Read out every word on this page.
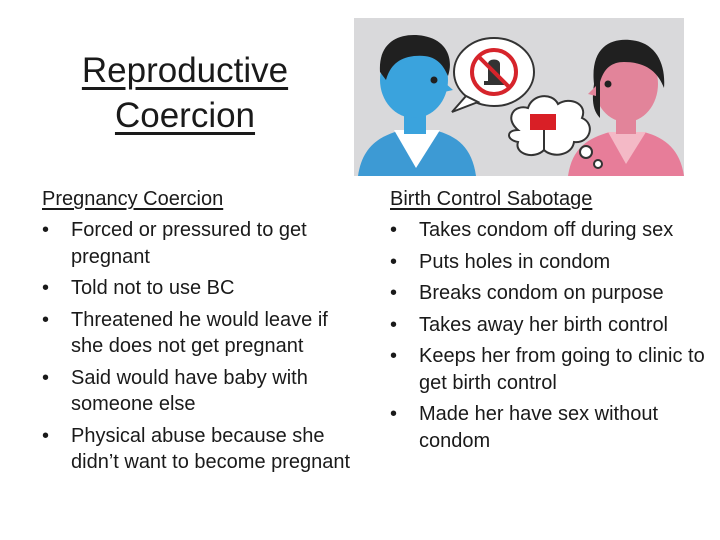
Reproductive Coercion
Pregnancy Coercion
• Forced or pressured to get pregnant
• Told not to use BC
• Threatened he would leave if she does not get pregnant
• Said would have baby with someone else
• Physical abuse because she didn’t want to become pregnant
Birth Control Sabotage
• Takes condom off during sex
• Puts holes in condom
• Breaks condom on purpose
• Takes away her birth control
• Keeps her from going to clinic to get birth control
• Made her have sex without condom
